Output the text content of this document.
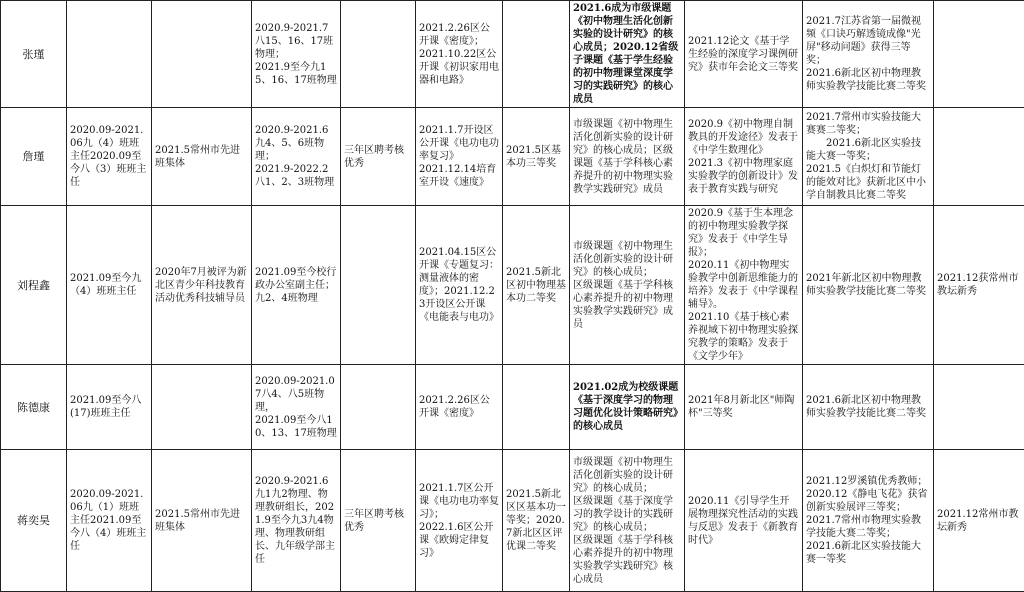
张瑾			2020.9-2021.7
八15、16、17班物理；
2021.9至今九15、16、17班物理		2021.2.26区公开课《密度》；
2021.10.22区公开课《初识家用电器和电路》		2021.6成为市级课题《初中物理生活化创新实验的设计研究》的核心成员；2020.12省级子课题《基于学生经验的初中物理课堂深度学习的实践研究》的核心成员	2021.12论文《基于学生经验的深度学习课例研究》获市年会论文三等奖	2021.7江苏省第一届微视频《口诀巧解透镜成像"光屏"移动问题》获得三等奖；
2021.6新北区初中物理教师实验教学技能比赛二等奖	
詹瑾	2020.09-2021.06九（4）班班主任2020.09至今八（3）班班主任	2021.5常州市先进班集体	2020.9-2021.6　九4、5、6班物理；
2021.9-2022.2八1、2、3班物理	三年区聘考核优秀	2021.1.7开设区公开课《电功电功率复习》
2021.12.14培育室开设《速度》	2021.5区基本功三等奖	市级课题《初中物理生活化创新实验的设计研究》的核心成员；区级课题《基于学科核心素养提升的初中物理实验教学实践研究》成员	2020.9《初中物理自制教具的开发途径》发表于《中学生数理化》
2021.3《初中物理家庭实验教学的创新设计》发表于教育实践与研究	2021.7常州市实验技能大赛赛二等奖；
　　2021.6新北区实验技能大赛一等奖；
2021.5《白炽灯和节能灯的能效对比》获新北区中小学自制教具比赛二等奖	
刘程鑫	2021.09至今九（4）班班主任	2020年7月被评为新北区青少年科技教育活动优秀科技辅导员	2021.09至今校行政办公室副主任；　九2、4班物理		2021.04.15区公开课《专题复习：测量液体的密度》；2021.12.23开设区公开课《电能表与电功》	2021.5新北区初中物理基本功二等奖	市级课题《初中物理生活化创新实验的设计研究》的核心成员；
区级课题《基于学科核心素养提升的初中物理实验教学实践研究》成员	2020.9《基于生本理念的初中物理实验教学探究》发表于《中学生导报》；
2020.11《初中物理实验教学中创新思维能力的培养》发表于《中学课程辅导》。
2021.10《基于核心素养视域下初中物理实验探究教学的策略》发表于《文学少年》	2021年新北区初中物理教师实验教学技能比赛二等奖	2021.12获常州市教坛新秀
陈德康	2021.09至今八(17)班班主任		2020.09-2021.07八4、八5班物理，
2021.09至今八10、13、17班物理		2021.2.26区公开课《密度》		2021.02成为校级课题《基于深度学习的物理习题优化设计策略研究》的核心成员	2021年8月新北区"师陶杯"三等奖	2021.6新北区初中物理教师实验教学技能比赛二等奖	
蒋奕昊	2020.09-2021.06九（1）班班主任2021.09至今八（4）班班主任	2021.5常州市先进班集体	2020.9-2021.6九1九2物理、物理教研组长，2021.9至今九3九4物理、物理教研组长、九年级学部主任	三年区聘考核优秀	2021.1.7区公开课《电功电功率复习》；
2022.1.6区公开课《欧姆定律复习》	2021.5新北区区基本功一等奖；2020.7新北区区评优课二等奖	市级课题《初中物理生活化创新实验的设计研究》的核心成员；
区级课题《基于深度学习的教学设计的实践研究》的核心成员；
区级课题《基于学科核心素养提升的初中物理实验教学实践研究》核心成员	2020.11《引导学生开展物理探究性活动的实践与反思》发表于《新教育时代》	2021.12罗溪镇优秀教师；
2020.12《静电飞花》获省创新实验展评三等奖；
2021.7常州市物理实验教学技能大赛二等奖；
2021.6新北区实验技能大赛一等奖	2021.12常州市教坛新秀
